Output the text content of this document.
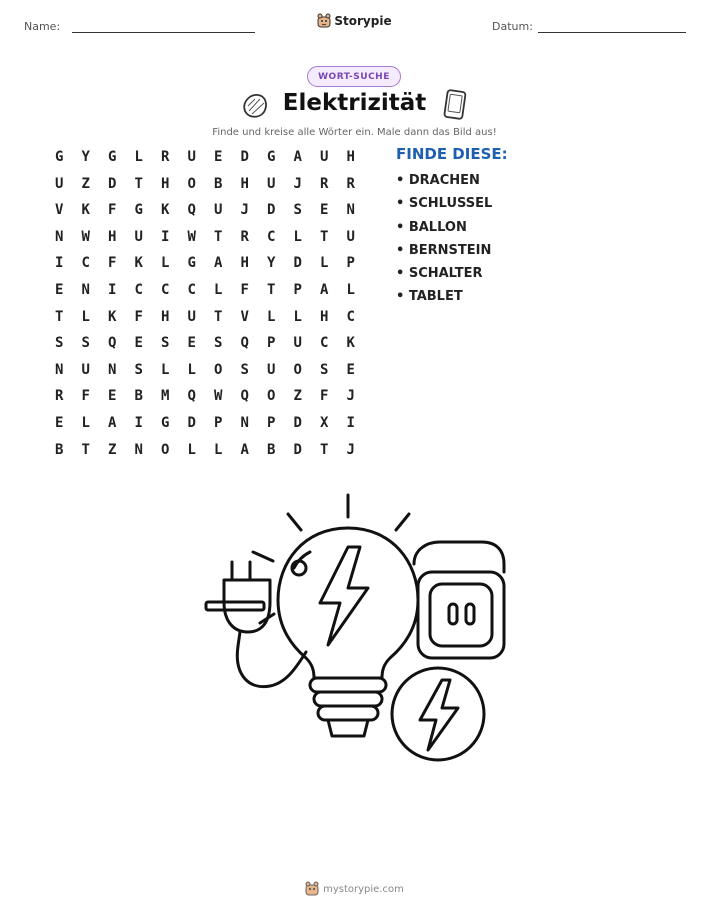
Name:	Storypie	Datum:
WORT-SUCHE
Elektrizität
Finde und kreise alle Wörter ein. Male dann das Bild aus!
G	Y	G	L	R	U	E	D	G	A	U	H
U	Z	D	T	H	O	B	H	U	J	R	R
V	K	F	G	K	Q	U	J	D	S	E	N
N	W	H	U	I	W	T	R	C	L	T	U
I	C	F	K	L	G	A	H	Y	D	L	P
E	N	I	C	C	C	L	F	T	P	A	L
T	L	K	F	H	U	T	V	L	L	H	C
S	S	Q	E	S	E	S	Q	P	U	C	K
N	U	N	S	L	L	O	S	U	O	S	E
R	F	E	B	M	Q	W	Q	O	Z	F	J
E	L	A	I	G	D	P	N	P	D	X	I
B	T	Z	N	O	L	L	A	B	D	T	J
FINDE DIESE:
• DRACHEN
• SCHLUSSEL
• BALLON
• BERNSTEIN
• SCHALTER
• TABLET
mystorypie.com
